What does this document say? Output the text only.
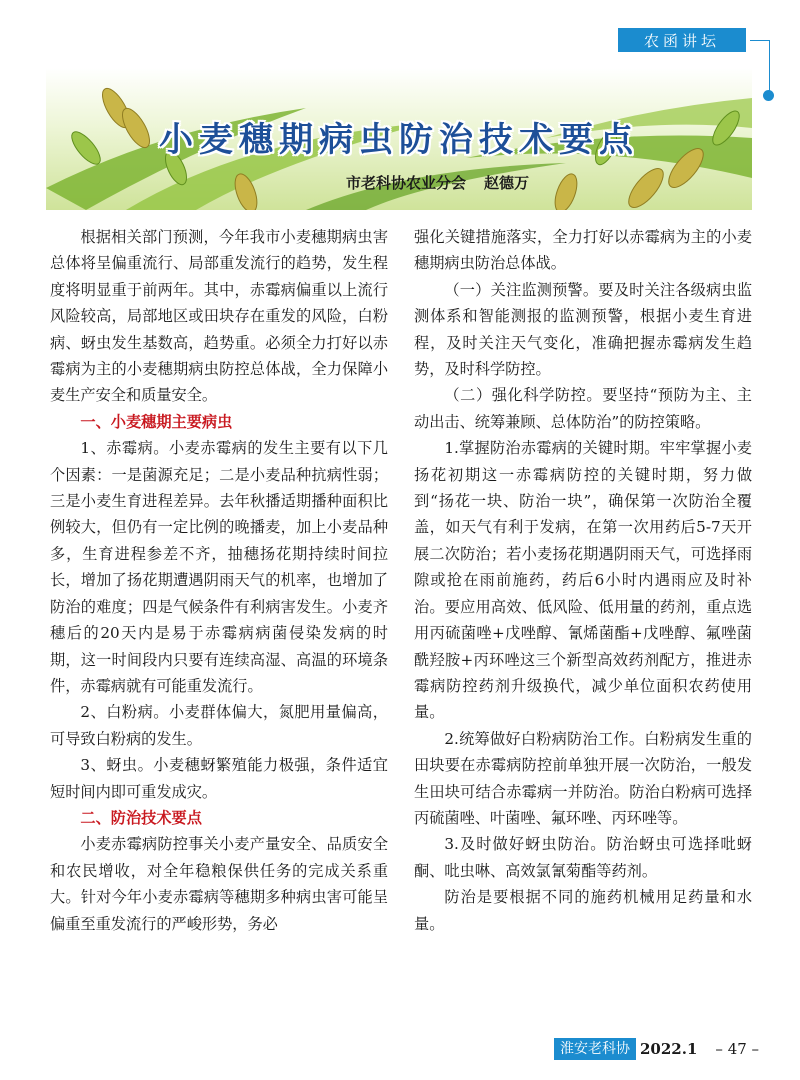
农函讲坛
小麦穗期病虫防治技术要点
市老科协农业分会 赵德万

根据相关部门预测，今年我市小麦穗期病虫害总体将呈偏重流行、局部重发流行的趋势，发生程度将明显重于前两年。其中，赤霉病偏重以上流行风险较高，局部地区或田块存在重发的风险，白粉病、蚜虫发生基数高，趋势重。必须全力打好以赤霉病为主的小麦穗期病虫防控总体战，全力保障小麦生产安全和质量安全。

一、小麦穗期主要病虫

1、赤霉病。小麦赤霉病的发生主要有以下几个因素：一是菌源充足；二是小麦品种抗病性弱；三是小麦生育进程差异。去年秋播适期播种面积比例较大，但仍有一定比例的晚播麦，加上小麦品种多，生育进程参差不齐，抽穗扬花期持续时间拉长，增加了扬花期遭遇阴雨天气的机率，也增加了防治的难度；四是气候条件有利病害发生。小麦齐穗后的20天内是易于赤霉病病菌侵染发病的时期，这一时间段内只要有连续高湿、高温的环境条件，赤霉病就有可能重发流行。

2、白粉病。小麦群体偏大，氮肥用量偏高，可导致白粉病的发生。

3、蚜虫。小麦穗蚜繁殖能力极强，条件适宜短时间内即可重发成灾。

二、防治技术要点

小麦赤霉病防控事关小麦产量安全、品质安全和农民增收，对全年稳粮保供任务的完成关系重大。针对今年小麦赤霉病等穗期多种病虫害可能呈偏重至重发流行的严峻形势，务必

强化关键措施落实，全力打好以赤霉病为主的小麦穗期病虫防治总体战。

（一）关注监测预警。要及时关注各级病虫监测体系和智能测报的监测预警，根据小麦生育进程，及时关注天气变化，准确把握赤霉病发生趋势，及时科学防控。

（二）强化科学防控。要坚持“预防为主、主动出击、统筹兼顾、总体防治”的防控策略。

1.掌握防治赤霉病的关键时期。牢牢掌握小麦扬花初期这一赤霉病防控的关键时期，努力做到“扬花一块、防治一块”，确保第一次防治全覆盖，如天气有利于发病，在第一次用药后5-7天开展二次防治；若小麦扬花期遇阴雨天气，可选择雨隙或抢在雨前施药，药后6小时内遇雨应及时补治。要应用高效、低风险、低用量的药剂，重点选用丙硫菌唑+戊唑醇、氰烯菌酯+戊唑醇、氟唑菌酰羟胺+丙环唑这三个新型高效药剂配方，推进赤霉病防控药剂升级换代，减少单位面积农药使用量。

2.统筹做好白粉病防治工作。白粉病发生重的田块要在赤霉病防控前单独开展一次防治，一般发生田块可结合赤霉病一并防治。防治白粉病可选择丙硫菌唑、叶菌唑、氟环唑、丙环唑等。

3.及时做好蚜虫防治。防治蚜虫可选择吡蚜酮、吡虫啉、高效氯氰菊酯等药剂。

防治是要根据不同的施药机械用足药量和水量。

淮安老科协 2022.1 – 47 –
